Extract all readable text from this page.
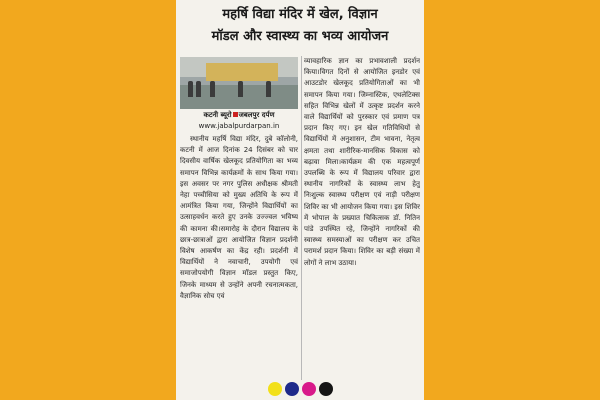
महर्षि विद्या मंदिर में खेल, विज्ञान
मॉडल और स्वास्थ्य का भव्य आयोजन
कटनी ब्यूरो जबलपुर दर्पण
www.jabalpurdarpan.in

स्थानीय महर्षि विद्या मंदिर, दुबे कॉलोनी, कटनी में आज दिनांक 24 दिसंबर को चार दिवसीय वार्षिक खेलकूद प्रतियोगिता का भव्य समापन विभिन्न कार्यक्रमों के साथ किया गया। इस अवसर पर नगर पुलिस अधीक्षक श्रीमती नेहा पच्चीसिया को मुख्य अतिथि के रूप में आमंत्रित किया गया, जिन्होंने विद्यार्थियों का उत्साहवर्धन करते हुए उनके उज्ज्वल भविष्य की कामना की।समारोह के दौरान विद्यालय के छात्र-छात्राओं द्वारा आयोजित विज्ञान प्रदर्शनी विशेष आकर्षण का केंद्र रही। प्रदर्शनी में विद्यार्थियों ने नवाचारी, उपयोगी एवं समाजोपयोगी विज्ञान मॉडल प्रस्तुत किए, जिनके माध्यम से उन्होंने अपनी रचनात्मकता, वैज्ञानिक सोच एवं

व्यावहारिक ज्ञान का प्रभावशाली प्रदर्शन किया।विगत दिनों से आयोजित इनडोर एवं आउटडोर खेलकूद प्रतियोगिताओं का भी समापन किया गया। जिम्नास्टिक, एथलेटिक्स सहित विभिन्न खेलों में उत्कृष्ट प्रदर्शन करने वाले विद्यार्थियों को पुरस्कार एवं प्रमाण पत्र प्रदान किए गए। इन खेल गतिविधियों से विद्यार्थियों में अनुशासन, टीम भावना, नेतृत्व क्षमता तथा शारीरिक-मानसिक विकास को बढ़ावा मिला।कार्यक्रम की एक महत्वपूर्ण उपलब्धि के रूप में विद्यालय परिवार द्वारा स्थानीय नागरिकों के स्वास्थ्य लाभ हेतु निःशुल्क स्वास्थ्य परीक्षण एवं नाड़ी परीक्षण शिविर का भी आयोजन किया गया। इस शिविर में भोपाल के प्रख्यात चिकित्सक डॉ. नितिन पांडे उपस्थित रहे, जिन्होंने नागरिकों की स्वास्थ्य समस्याओं का परीक्षण कर उचित परामर्श प्रदान किया। शिविर का बड़ी संख्या में लोगों ने लाभ उठाया।
